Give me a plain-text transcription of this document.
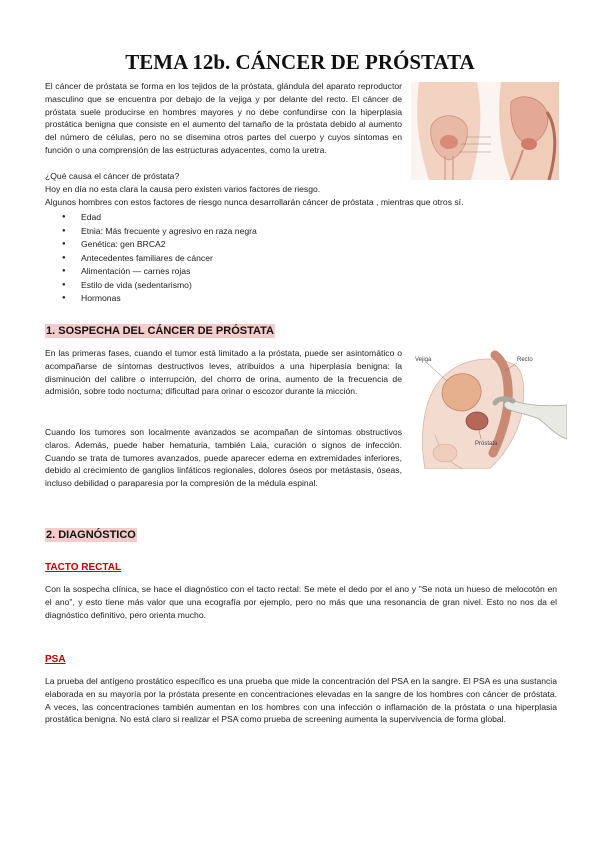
TEMA 12b. CÁNCER DE PRÓSTATA

El cáncer de próstata se forma en los tejidos de la próstata, glándula del aparato reproductor masculino que se encuentra por debajo de la vejiga y por delante del recto. El cáncer de próstata suele producirse en hombres mayores y no debe confundirse con la hiperplasia prostática benigna que consiste en el aumento del tamaño de la próstata debido al aumento del número de células, pero no se disemina otros partes del cuerpo y cuyos síntomas en función o una comprensión de las estructuras adyacentes, como la uretra.

¿Qué causa el cáncer de próstata?

Hoy en día no esta clara la causa pero existen varios factores de riesgo.

Algunos hombres con estos factores de riesgo nunca desarrollarán cáncer de próstata , mientras que otros sí.

● Edad
● Etnia: Más frecuente y agresivo en raza negra
● Genética: gen BRCA2
● Antecedentes familiares de cáncer
● Alimentación — carnes rojas
● Estilo de vida (sedentarismo)
● Hormonas
1. SOSPECHA DEL CÁNCER DE PRÓSTATA
Vejiga	Recto
Próstata

En las primeras fases, cuando el tumor está limitado a la próstata, puede ser asintomático o acompañarse de síntomas destructivos leves, atribuidos a una hiperplasia benigna: la disminución del calibre o interrupción, del chorro de orina, aumento de la frecuencia de admisión, sobre todo nocturna; dificultad para orinar o escozor durante la micción.

Cuando los tumores son localmente avanzados se acompañan de síntomas obstructivos claros. Además, puede haber hematuria, también Laia, curación o signos de infección. Cuando se trata de tumores avanzados, puede aparecer edema en extremidades inferiores, debido al crecimiento de ganglios linfáticos regionales, dolores óseos por metástasis, óseas, incluso debilidad o paraparesia por la compresión de la médula espinal.

2. DIAGNÓSTICO
TACTO RECTAL

Con la sospecha clínica, se hace el diagnóstico con el tacto rectal: Se mete el dedo por el ano y "Se nota un hueso de melocotón en el ano", y esto tiene más valor que una ecografía por ejemplo, pero no más que una resonancia de gran nivel. Esto no nos da el diagnóstico definitivo, pero orienta mucho.

PSA

La prueba del antígeno prostático específico es una prueba que mide la concentración del PSA en la sangre. El PSA es una sustancia elaborada en su mayoría por la próstata presente en concentraciones elevadas en la sangre de los hombres con cáncer de próstata. A veces, las concentraciones también aumentan en los hombres con una infección o inflamación de la próstata o una hiperplasia prostática benigna. No está claro si realizar el PSA como prueba de screening aumenta la supervivencia de forma global.
